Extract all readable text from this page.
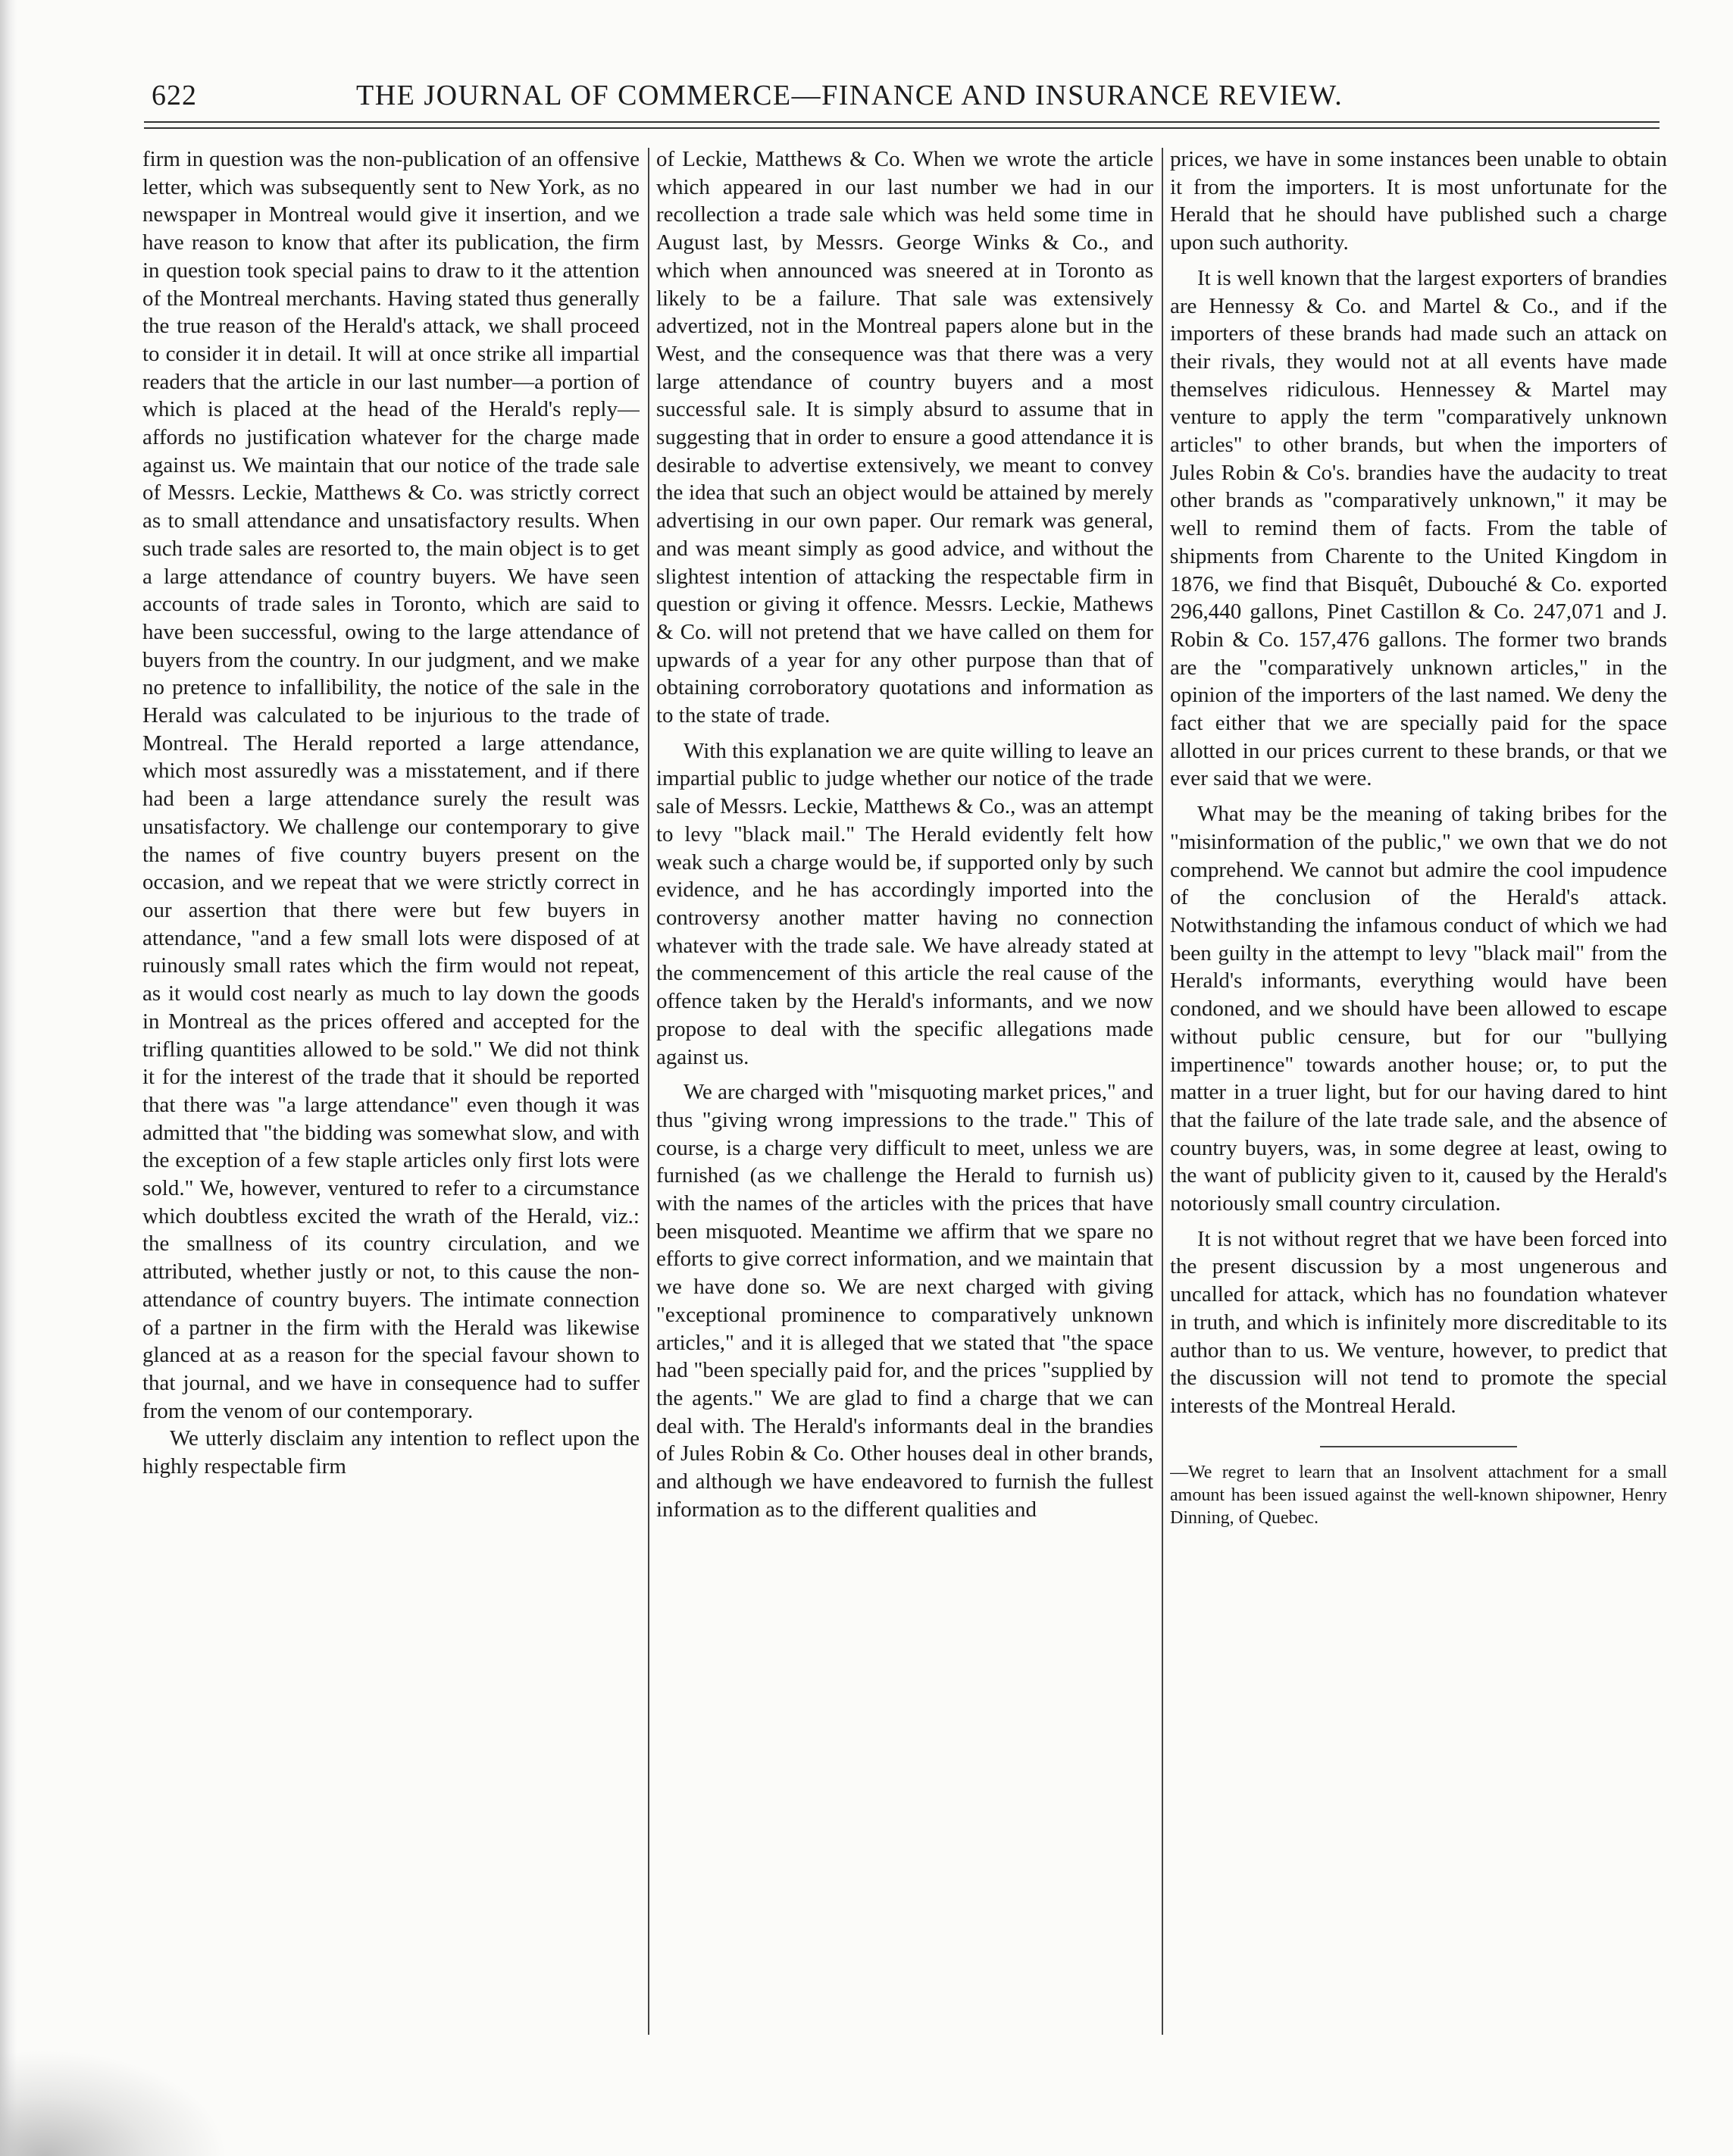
622	THE JOURNAL OF COMMERCE—FINANCE AND INSURANCE REVIEW.

firm in question was the non-publication of an offensive letter, which was subsequently sent to New York, as no newspaper in Montreal would give it insertion, and we have reason to know that after its publication, the firm in question took special pains to draw to it the attention of the Montreal merchants. Having stated thus generally the true reason of the Herald's attack, we shall proceed to consider it in detail. It will at once strike all impartial readers that the article in our last number—a portion of which is placed at the head of the Herald's reply—affords no justification whatever for the charge made against us. We maintain that our notice of the trade sale of Messrs. Leckie, Matthews & Co. was strictly correct as to small attendance and unsatisfactory results. When such trade sales are resorted to, the main object is to get a large attendance of country buyers. We have seen accounts of trade sales in Toronto, which are said to have been successful, owing to the large attendance of buyers from the country. In our judgment, and we make no pretence to infallibility, the notice of the sale in the Herald was calculated to be injurious to the trade of Montreal. The Herald reported a large attendance, which most assuredly was a misstatement, and if there had been a large attendance surely the result was unsatisfactory. We challenge our contemporary to give the names of five country buyers present on the occasion, and we repeat that we were strictly correct in our assertion that there were but few buyers in attendance, "and a few small lots were disposed of at ruinously small rates which the firm would not repeat, as it would cost nearly as much to lay down the goods in Montreal as the prices offered and accepted for the trifling quantities allowed to be sold." We did not think it for the interest of the trade that it should be reported that there was "a large attendance" even though it was admitted that "the bidding was somewhat slow, and with the exception of a few staple articles only first lots were sold." We, however, ventured to refer to a circumstance which doubtless excited the wrath of the Herald, viz.: the smallness of its country circulation, and we attributed, whether justly or not, to this cause the non-attendance of country buyers. The intimate connection of a partner in the firm with the Herald was likewise glanced at as a reason for the special favour shown to that journal, and we have in consequence had to suffer from the venom of our contemporary.

We utterly disclaim any intention to reflect upon the highly respectable firm

of Leckie, Matthews & Co. When we wrote the article which appeared in our last number we had in our recollection a trade sale which was held some time in August last, by Messrs. George Winks & Co., and which when announced was sneered at in Toronto as likely to be a failure. That sale was extensively advertized, not in the Montreal papers alone but in the West, and the consequence was that there was a very large attendance of country buyers and a most successful sale. It is simply absurd to assume that in suggesting that in order to ensure a good attendance it is desirable to advertise extensively, we meant to convey the idea that such an object would be attained by merely advertising in our own paper. Our remark was general, and was meant simply as good advice, and without the slightest intention of attacking the respectable firm in question or giving it offence. Messrs. Leckie, Mathews & Co. will not pretend that we have called on them for upwards of a year for any other purpose than that of obtaining corroboratory quotations and information as to the state of trade.

With this explanation we are quite willing to leave an impartial public to judge whether our notice of the trade sale of Messrs. Leckie, Matthews & Co., was an attempt to levy "black mail." The Herald evidently felt how weak such a charge would be, if supported only by such evidence, and he has accordingly imported into the controversy another matter having no connection whatever with the trade sale. We have already stated at the commencement of this article the real cause of the offence taken by the Herald's informants, and we now propose to deal with the specific allegations made against us.

We are charged with "misquoting market prices," and thus "giving wrong impressions to the trade." This of course, is a charge very difficult to meet, unless we are furnished (as we challenge the Herald to furnish us) with the names of the articles with the prices that have been misquoted. Meantime we affirm that we spare no efforts to give correct information, and we maintain that we have done so. We are next charged with giving "exceptional prominence to comparatively unknown articles," and it is alleged that we stated that "the space had "been specially paid for, and the prices "supplied by the agents." We are glad to find a charge that we can deal with. The Herald's informants deal in the brandies of Jules Robin & Co. Other houses deal in other brands, and although we have endeavored to furnish the fullest information as to the different qualities and

prices, we have in some instances been unable to obtain it from the importers. It is most unfortunate for the Herald that he should have published such a charge upon such authority.

It is well known that the largest exporters of brandies are Hennessy & Co. and Martel & Co., and if the importers of these brands had made such an attack on their rivals, they would not at all events have made themselves ridiculous. Hennessey & Martel may venture to apply the term "comparatively unknown articles" to other brands, but when the importers of Jules Robin & Co's. brandies have the audacity to treat other brands as "comparatively unknown," it may be well to remind them of facts. From the table of shipments from Charente to the United Kingdom in 1876, we find that Bisquêt, Dubouché & Co. exported 296,440 gallons, Pinet Castillon & Co. 247,071 and J. Robin & Co. 157,476 gallons. The former two brands are the "comparatively unknown articles," in the opinion of the importers of the last named. We deny the fact either that we are specially paid for the space allotted in our prices current to these brands, or that we ever said that we were.

What may be the meaning of taking bribes for the "misinformation of the public," we own that we do not comprehend. We cannot but admire the cool impudence of the conclusion of the Herald's attack. Notwithstanding the infamous conduct of which we had been guilty in the attempt to levy "black mail" from the Herald's informants, everything would have been condoned, and we should have been allowed to escape without public censure, but for our "bullying impertinence" towards another house; or, to put the matter in a truer light, but for our having dared to hint that the failure of the late trade sale, and the absence of country buyers, was, in some degree at least, owing to the want of publicity given to it, caused by the Herald's notoriously small country circulation.

It is not without regret that we have been forced into the present discussion by a most ungenerous and uncalled for attack, which has no foundation whatever in truth, and which is infinitely more discreditable to its author than to us. We venture, however, to predict that the discussion will not tend to promote the special interests of the Montreal Herald.

—We regret to learn that an Insolvent attachment for a small amount has been issued against the well-known shipowner, Henry Dinning, of Quebec.
